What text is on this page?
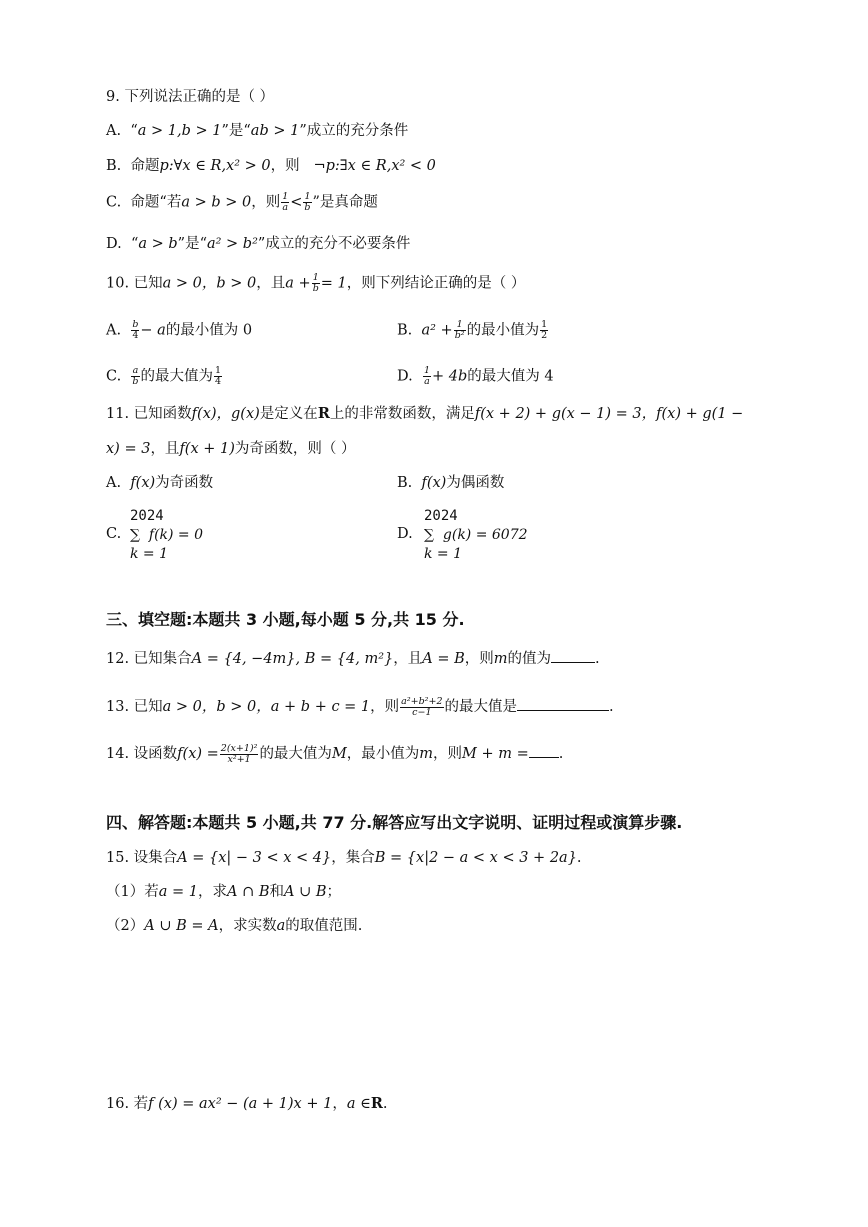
9. 下列说法正确的是（ ）
A. “a > 1,b > 1”是“ab > 1”成立的充分条件
B. 命题p:∀x ∈ R,x² > 0，则 ¬p:∃x ∈ R,x² < 0
C. 命题“若a > b > 0，则 $\frac{1}{a} < \frac{1}{b}$ ”是真命题
D. “a > b”是“a² > b²”成立的充分不必要条件
10. 已知a > 0，b > 0，且$a + \frac{1}{b} = 1$，则下列结论正确的是（ ）
A. $\frac{b}{4} - a$的最小值为 0	B. $a^2 + \frac{1}{\text{b²}}$ 的最小值为 $\frac{1}{2}$
C. $\frac{a}{b}$ 的最大值为 $\frac{1}{4}$	D. $\frac{1}{a} + 4b$的最大值为 4
11. 已知函数f(x)，g(x)是定义在R上的非常数函数，满足f(x + 2) + g(x − 1) = 3，f(x) + g(1 −
x) = 3，且f(x + 1)为奇函数，则（ ）
A. f(x)为奇函数	B. f(x)为偶函数
C.
2024
∑  f(k) = 0
k = 1
D.
2024
∑  g(k) = 6072
k = 1
三、填空题:本题共 3 小题,每小题 5 分,共 15 分.
12. 已知集合A = {4, −4m}, B = {4, m²}，且A = B，则m的值为	.
13. 已知a > 0，b > 0，a + b + c = 1，则 $\frac{\text{a²+b²+2}}{c-1}$ 的最大值是	.
14. 设函数$f(x) = \frac{\text{2(x+1)²}}{\text{x²+1}}$ 的最大值为M，最小值为m，则M + m = .
四、解答题:本题共 5 小题,共 77 分.解答应写出文字说明、证明过程或演算步骤.
15. 设集合A = {x| − 3 < x < 4}，集合B = {x|2 − a < x < 3 + 2a}.
（1）若a = 1，求A ∩ B和A ∪ B；
（2）A ∪ B = A，求实数a的取值范围.
16. 若f (x) = ax² − (a + 1)x + 1，a ∈R.
